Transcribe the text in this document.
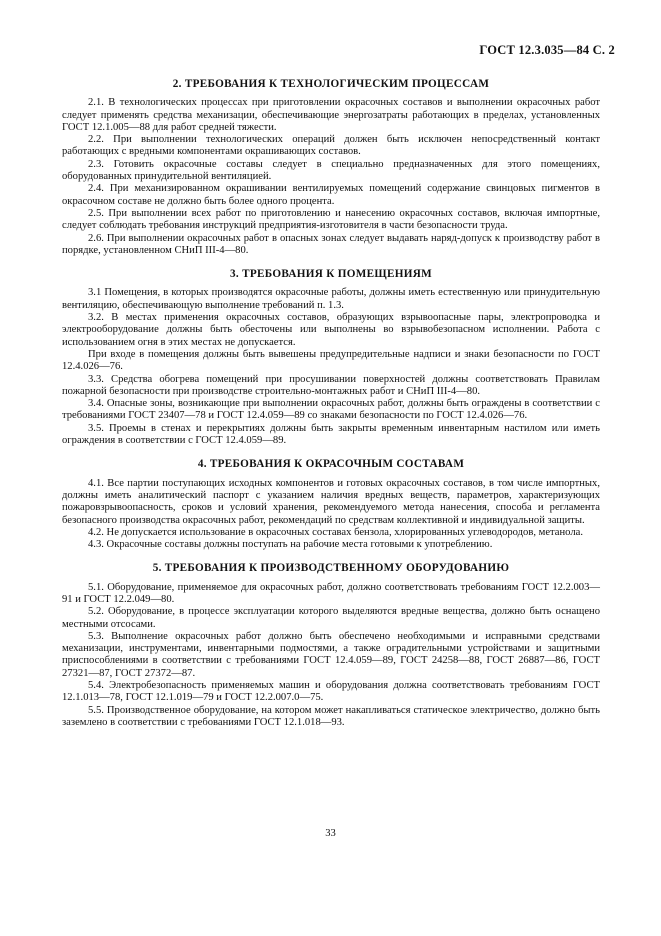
ГОСТ 12.3.035—84 С. 2
2. ТРЕБОВАНИЯ К ТЕХНОЛОГИЧЕСКИМ ПРОЦЕССАМ

2.1. В технологических процессах при приготовлении окрасочных составов и выполнении окрасочных работ следует применять средства механизации, обеспечивающие энергозатраты работающих в пределах, установленных ГОСТ 12.1.005—88 для работ средней тяжести.

2.2. При выполнении технологических операций должен быть исключен непосредственный контакт работающих с вредными компонентами окрашивающих составов.

2.3. Готовить окрасочные составы следует в специально предназначенных для этого помещениях, оборудованных принудительной вентиляцией.

2.4. При механизированном окрашивании вентилируемых помещений содержание свинцовых пигментов в окрасочном составе не должно быть более одного процента.

2.5. При выполнении всех работ по приготовлению и нанесению окрасочных составов, включая импортные, следует соблюдать требования инструкций предприятия-изготовителя в части безопасности труда.

2.6. При выполнении окрасочных работ в опасных зонах следует выдавать наряд-допуск к производству работ в порядке, установленном СНиП III-4—80.

3. ТРЕБОВАНИЯ К ПОМЕЩЕНИЯМ

3.1 Помещения, в которых производятся окрасочные работы, должны иметь естественную или принудительную вентиляцию, обеспечивающую выполнение требований п. 1.3.

3.2. В местах применения окрасочных составов, образующих взрывоопасные пары, электропроводка и электрооборудование должны быть обесточены или выполнены во взрывобезопасном исполнении. Работа с использованием огня в этих местах не допускается.

При входе в помещения должны быть вывешены предупредительные надписи и знаки безопасности по ГОСТ 12.4.026—76.

3.3. Средства обогрева помещений при просушивании поверхностей должны соответствовать Правилам пожарной безопасности при производстве строительно-монтажных работ и СНиП III-4—80.

3.4. Опасные зоны, возникающие при выполнении окрасочных работ, должны быть ограждены в соответствии с требованиями ГОСТ 23407—78 и ГОСТ 12.4.059—89 со знаками безопасности по ГОСТ 12.4.026—76.

3.5. Проемы в стенах и перекрытиях должны быть закрыты временным инвентарным настилом или иметь ограждения в соответствии с ГОСТ 12.4.059—89.

4. ТРЕБОВАНИЯ К ОКРАСОЧНЫМ СОСТАВАМ

4.1. Все партии поступающих исходных компонентов и готовых окрасочных составов, в том числе импортных, должны иметь аналитический паспорт с указанием наличия вредных веществ, параметров, характеризующих пожаровзрывоопасность, сроков и условий хранения, рекомендуемого метода нанесения, способа и регламента безопасного производства окрасочных работ, рекомендаций по средствам коллективной и индивидуальной защиты.

4.2. Не допускается использование в окрасочных составах бензола, хлорированных углеводородов, метанола.

4.3. Окрасочные составы должны поступать на рабочие места готовыми к употреблению.

5. ТРЕБОВАНИЯ К ПРОИЗВОДСТВЕННОМУ ОБОРУДОВАНИЮ

5.1. Оборудование, применяемое для окрасочных работ, должно соответствовать требованиям ГОСТ 12.2.003—91 и ГОСТ 12.2.049—80.

5.2. Оборудование, в процессе эксплуатации которого выделяются вредные вещества, должно быть оснащено местными отсосами.

5.3. Выполнение окрасочных работ должно быть обеспечено необходимыми и исправными средствами механизации, инструментами, инвентарными подмостями, а также оградительными устройствами и защитными приспособлениями в соответствии с требованиями ГОСТ 12.4.059—89, ГОСТ 24258—88, ГОСТ 26887—86, ГОСТ 27321—87, ГОСТ 27372—87.

5.4. Электробезопасность применяемых машин и оборудования должна соответствовать требованиям ГОСТ 12.1.013—78, ГОСТ 12.1.019—79 и ГОСТ 12.2.007.0—75.

5.5. Производственное оборудование, на котором может накапливаться статическое электричество, должно быть заземлено в соответствии с требованиями ГОСТ 12.1.018—93.

33
